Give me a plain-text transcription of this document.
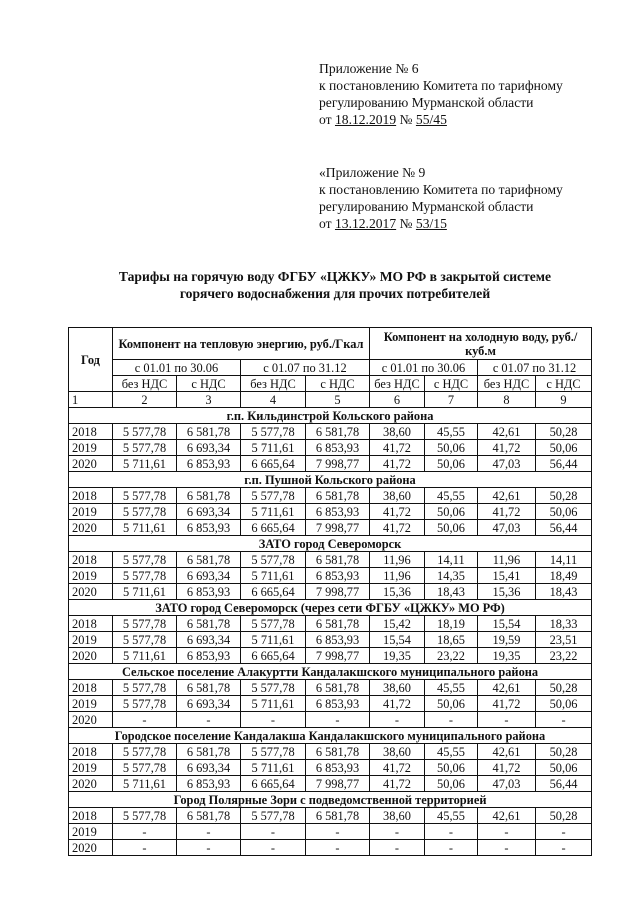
Приложение № 6
к постановлению Комитета по тарифному
регулированию Мурманской области
от 18.12.2019 № 55/45
«Приложение № 9
к постановлению Комитета по тарифному
регулированию Мурманской области
от 13.12.2017 № 53/15
Тарифы на горячую воду ФГБУ «ЦЖКУ» МО РФ в закрытой системе
горячего водоснабжения для прочих потребителей
Год	Компонент на тепловую энергию, руб./Гкал				Компонент на холодную воду, руб./куб.м			
	с 01.01 по 30.06		с 01.07 по 31.12		с 01.01 по 30.06		с 01.07 по 31.12	
	без НДС	с НДС	без НДС	с НДС	без НДС	с НДС	без НДС	с НДС
1	2	3	4	5	6	7	8	9
г.п. Кильдинстрой Кольского района								
2018	5 577,78	6 581,78	5 577,78	6 581,78	38,60	45,55	42,61	50,28
2019	5 577,78	6 693,34	5 711,61	6 853,93	41,72	50,06	41,72	50,06
2020	5 711,61	6 853,93	6 665,64	7 998,77	41,72	50,06	47,03	56,44
г.п. Пушной Кольского района								
2018	5 577,78	6 581,78	5 577,78	6 581,78	38,60	45,55	42,61	50,28
2019	5 577,78	6 693,34	5 711,61	6 853,93	41,72	50,06	41,72	50,06
2020	5 711,61	6 853,93	6 665,64	7 998,77	41,72	50,06	47,03	56,44
ЗАТО город Североморск								
2018	5 577,78	6 581,78	5 577,78	6 581,78	11,96	14,11	11,96	14,11
2019	5 577,78	6 693,34	5 711,61	6 853,93	11,96	14,35	15,41	18,49
2020	5 711,61	6 853,93	6 665,64	7 998,77	15,36	18,43	15,36	18,43
ЗАТО город Североморск (через сети ФГБУ «ЦЖКУ» МО РФ)								
2018	5 577,78	6 581,78	5 577,78	6 581,78	15,42	18,19	15,54	18,33
2019	5 577,78	6 693,34	5 711,61	6 853,93	15,54	18,65	19,59	23,51
2020	5 711,61	6 853,93	6 665,64	7 998,77	19,35	23,22	19,35	23,22
Сельское поселение Алакуртти Кандалакшского муниципального района								
2018	5 577,78	6 581,78	5 577,78	6 581,78	38,60	45,55	42,61	50,28
2019	5 577,78	6 693,34	5 711,61	6 853,93	41,72	50,06	41,72	50,06
2020	-	-	-	-	-	-	-	-
Городское поселение Кандалакша Кандалакшского муниципального района								
2018	5 577,78	6 581,78	5 577,78	6 581,78	38,60	45,55	42,61	50,28
2019	5 577,78	6 693,34	5 711,61	6 853,93	41,72	50,06	41,72	50,06
2020	5 711,61	6 853,93	6 665,64	7 998,77	41,72	50,06	47,03	56,44
Город Полярные Зори с подведомственной территорией								
2018	5 577,78	6 581,78	5 577,78	6 581,78	38,60	45,55	42,61	50,28
2019	-	-	-	-	-	-	-	-
2020	-	-	-	-	-	-	-	-
